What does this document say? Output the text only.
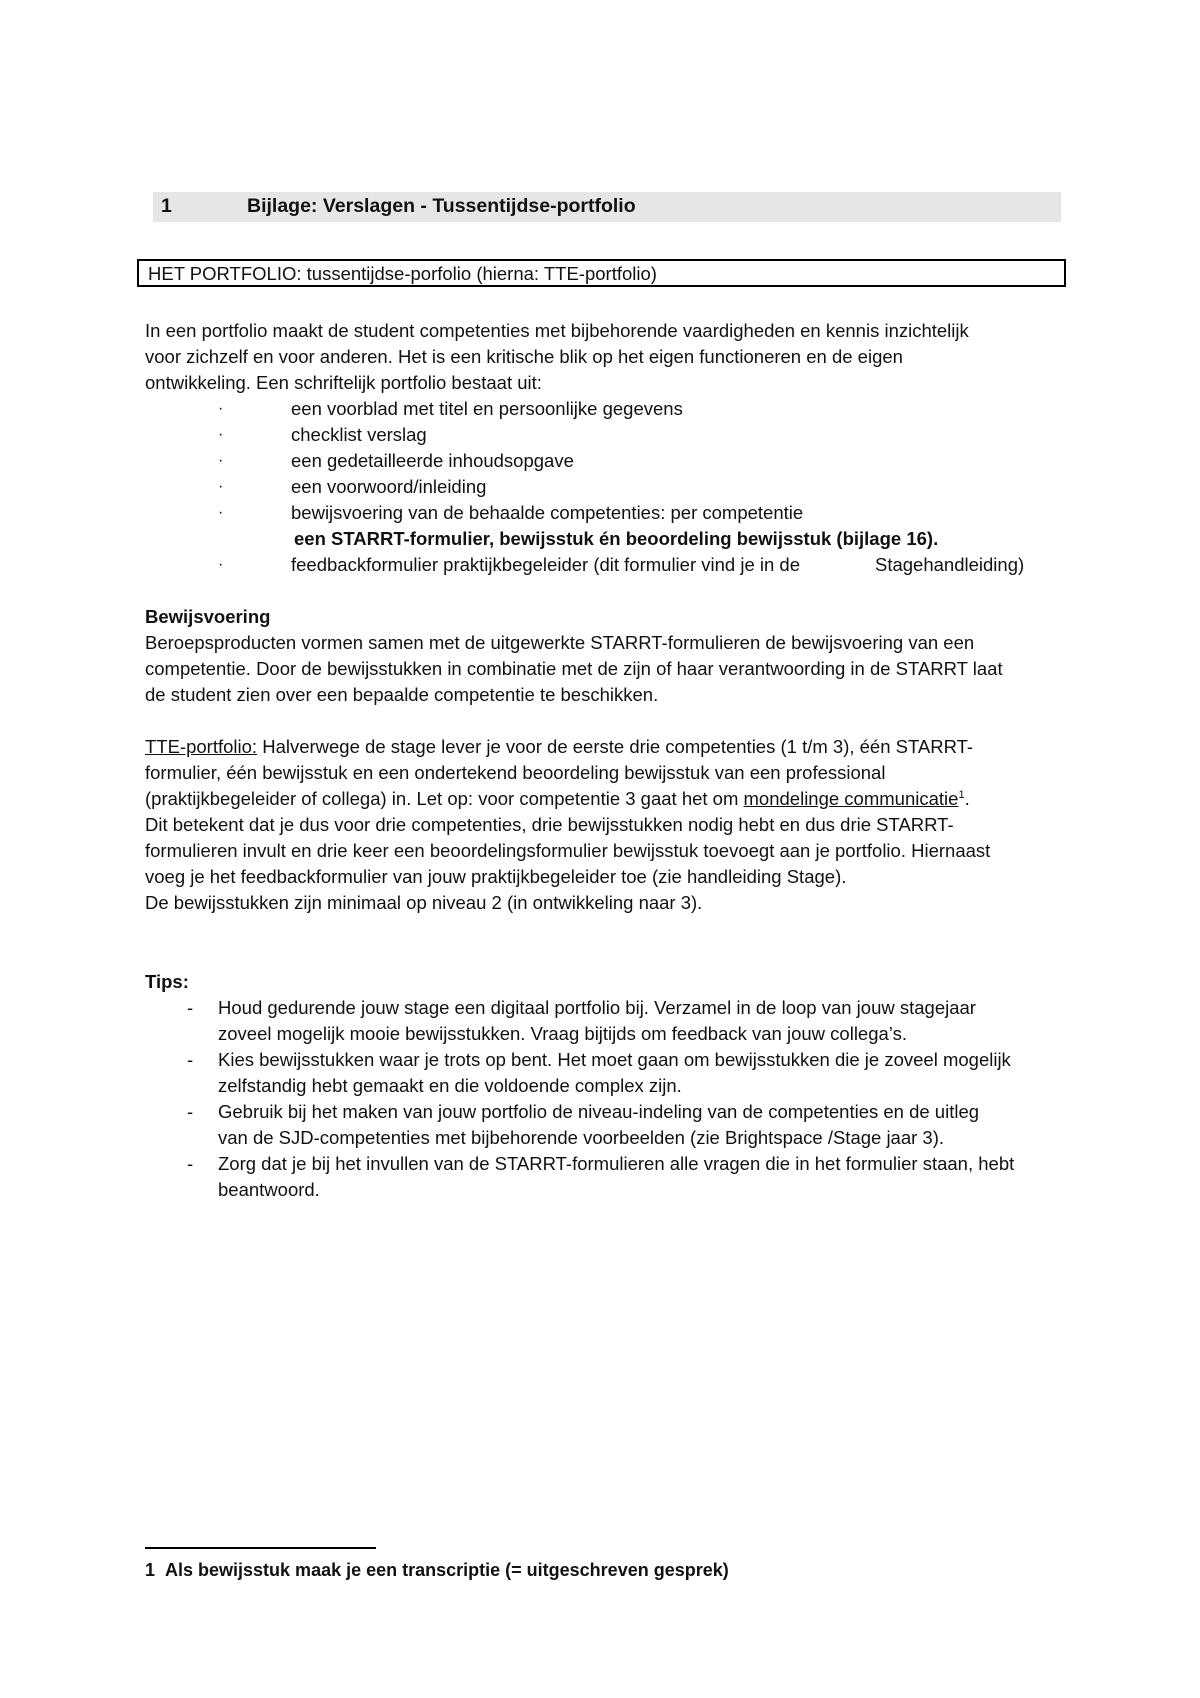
1	Bijlage: Verslagen - Tussentijdse-portfolio
HET PORTFOLIO: tussentijdse-porfolio (hierna: TTE-portfolio)
In een portfolio maakt de student competenties met bijbehorende vaardigheden en kennis inzichtelijk
voor zichzelf en voor anderen. Het is een kritische blik op het eigen functioneren en de eigen
ontwikkeling. Een schriftelijk portfolio bestaat uit:
·	een voorblad met titel en persoonlijke gegevens
·	checklist verslag
·	een gedetailleerde inhoudsopgave
·	een voorwoord/inleiding
·	bewijsvoering van de behaalde competenties: per competentie
een STARRT-formulier, bewijsstuk én beoordeling bewijsstuk (bijlage 16).
·	feedbackformulier praktijkbegeleider (dit formulier vind je in de	Stagehandleiding)
Bewijsvoering
Beroepsproducten vormen samen met de uitgewerkte STARRT-formulieren de bewijsvoering van een
competentie. Door de bewijsstukken in combinatie met de zijn of haar verantwoording in de STARRT laat
de student zien over een bepaalde competentie te beschikken.
TTE-portfolio: Halverwege de stage lever je voor de eerste drie competenties (1 t/m 3), één STARRT-
formulier, één bewijsstuk en een ondertekend beoordeling bewijsstuk van een professional
(praktijkbegeleider of collega) in. Let op: voor competentie 3 gaat het om mondelinge communicatie$^1$.
Dit betekent dat je dus voor drie competenties, drie bewijsstukken nodig hebt en dus drie STARRT-
formulieren invult en drie keer een beoordelingsformulier bewijsstuk toevoegt aan je portfolio. Hiernaast
voeg je het feedbackformulier van jouw praktijkbegeleider toe (zie handleiding Stage).
De bewijsstukken zijn minimaal op niveau 2 (in ontwikkeling naar 3).
Tips:
- Houd gedurende jouw stage een digitaal portfolio bij. Verzamel in de loop van jouw stagejaar
zoveel mogelijk mooie bewijsstukken. Vraag bijtijds om feedback van jouw collega’s.
- Kies bewijsstukken waar je trots op bent. Het moet gaan om bewijsstukken die je zoveel mogelijk
zelfstandig hebt gemaakt en die voldoende complex zijn.
- Gebruik bij het maken van jouw portfolio de niveau-indeling van de competenties en de uitleg
van de SJD-competenties met bijbehorende voorbeelden (zie Brightspace /Stage jaar 3).
- Zorg dat je bij het invullen van de STARRT-formulieren alle vragen die in het formulier staan, hebt
beantwoord.
1 Als bewijsstuk maak je een transcriptie (= uitgeschreven gesprek)
